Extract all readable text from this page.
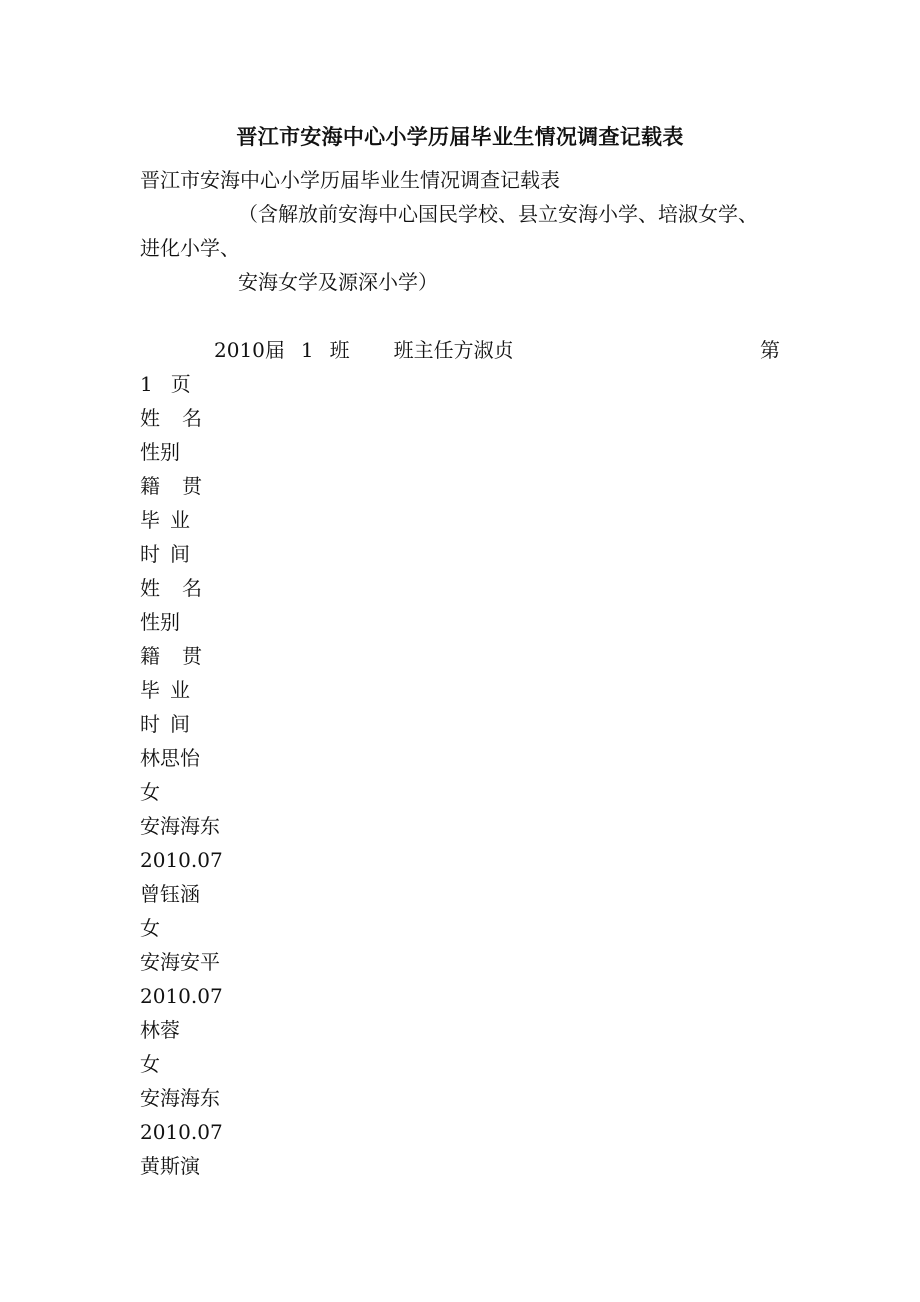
晋江市安海中心小学历届毕业生情况调查记载表
晋江市安海中心小学历届毕业生情况调查记载表
（含解放前安海中心国民学校、县立安海小学、培淑女学、
进化小学、
安海女学及源深小学）
2010届 1 班 班主任方淑贞	第
1 页
姓 名
性别
籍 贯
毕 业
时 间
姓 名
性别
籍 贯
毕 业
时 间
林思怡
女
安海海东
2010.07
曾钰涵
女
安海安平
2010.07
林蓉
女
安海海东
2010.07
黄斯演
